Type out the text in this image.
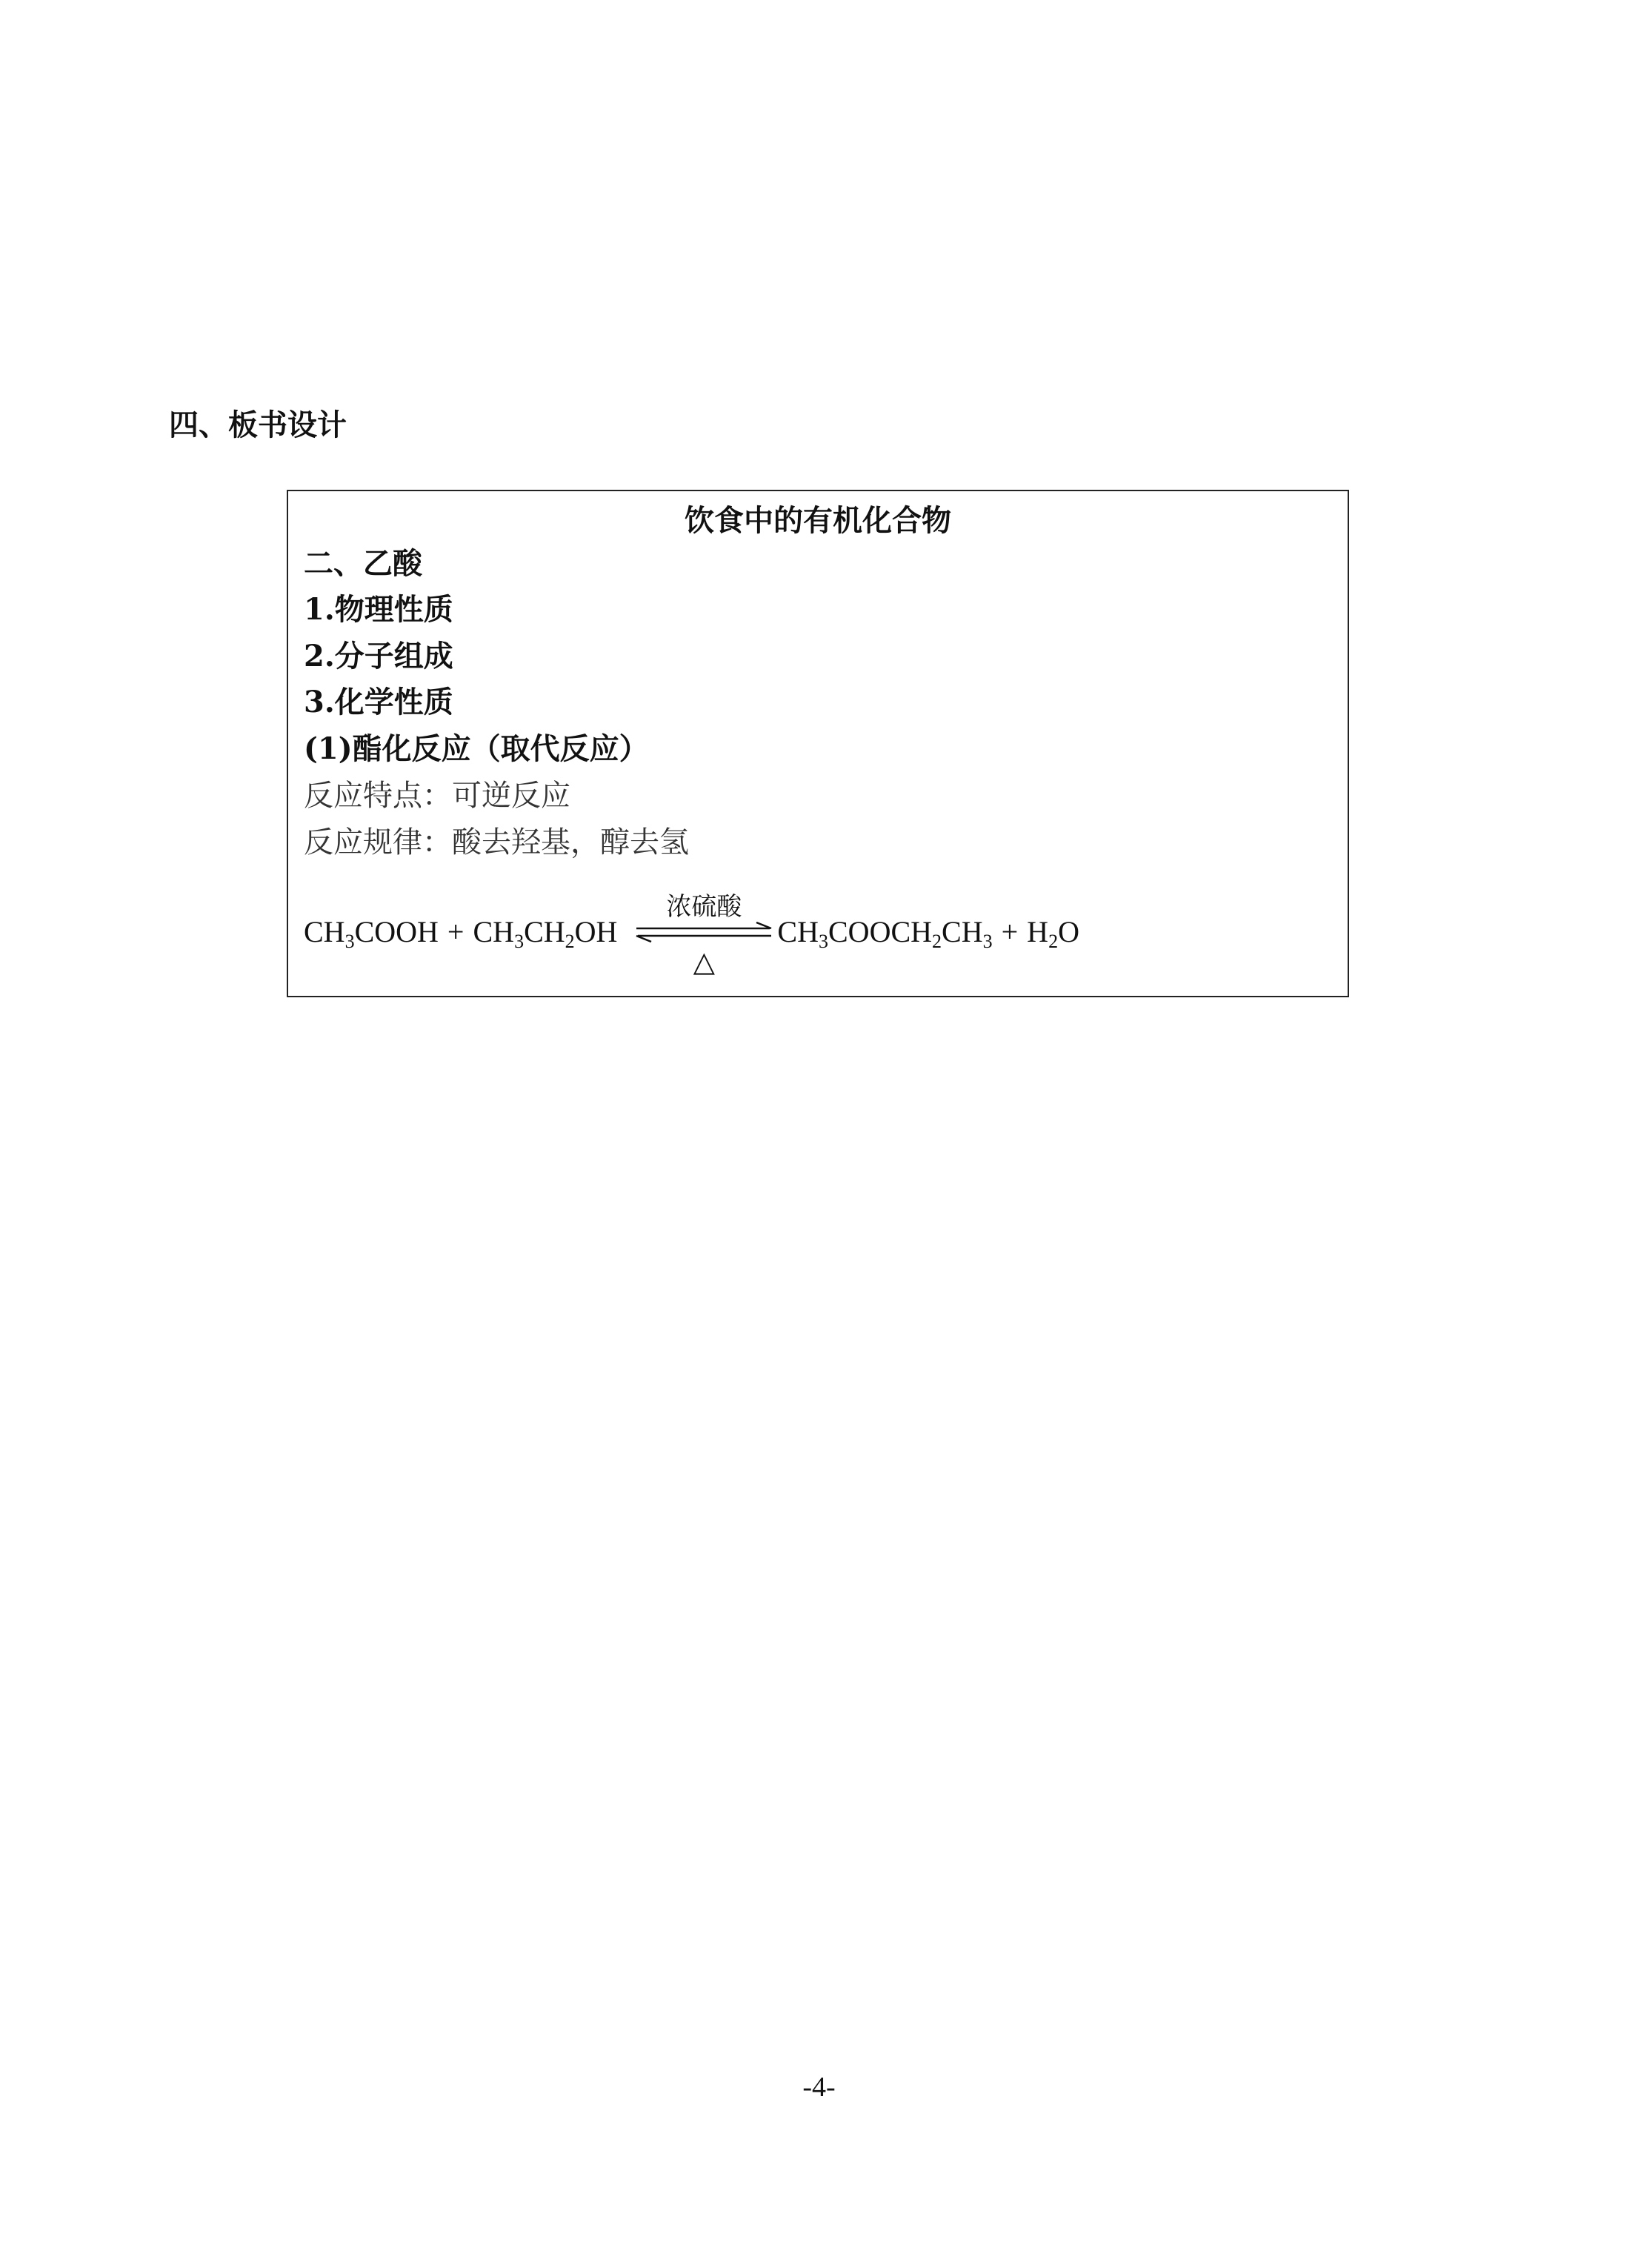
四、板书设计
饮食中的有机化合物
二、乙酸
1.物理性质
2.分子组成
3.化学性质
(1)酯化反应（取代反应）
反应特点：可逆反应
反应规律：酸去羟基，醇去氢
$CH_3COOH + CH_3CH_2OH$
浓硫酸
△
$CH_3COOCH_2CH_3 + H_2O$
-4-
